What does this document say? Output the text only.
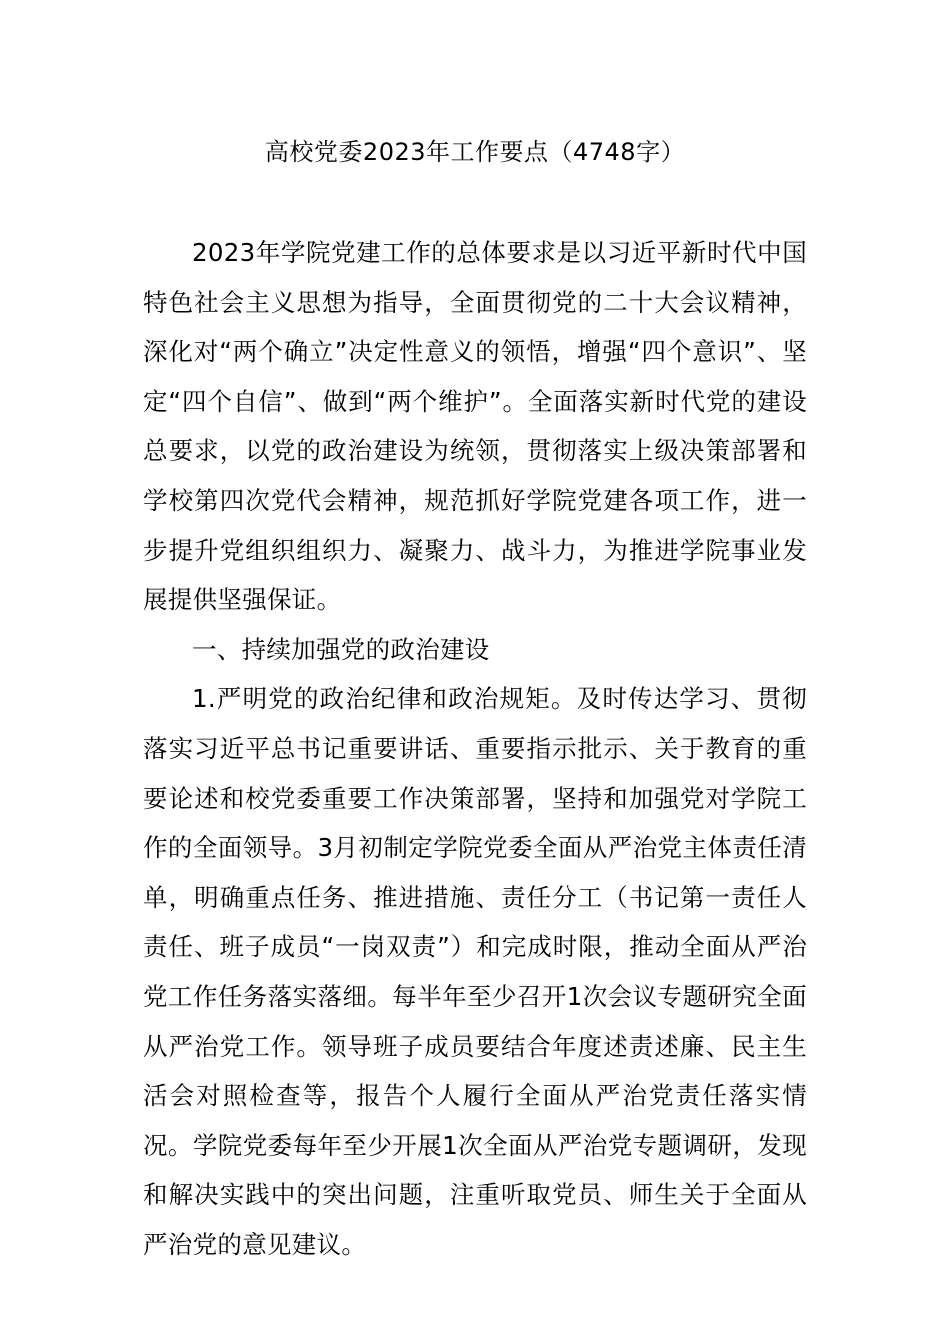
高校党委2023年工作要点（4748字）

2023年学院党建工作的总体要求是以习近平新时代中国特色社会主义思想为指导，全面贯彻党的二十大会议精神，深化对“两个确立”决定性意义的领悟，增强“四个意识”、坚定“四个自信”、做到“两个维护”。全面落实新时代党的建设总要求，以党的政治建设为统领，贯彻落实上级决策部署和学校第四次党代会精神，规范抓好学院党建各项工作，进一步提升党组织组织力、凝聚力、战斗力，为推进学院事业发展提供坚强保证。

一、持续加强党的政治建设

1.严明党的政治纪律和政治规矩。及时传达学习、贯彻落实习近平总书记重要讲话、重要指示批示、关于教育的重要论述和校党委重要工作决策部署，坚持和加强党对学院工作的全面领导。3月初制定学院党委全面从严治党主体责任清单，明确重点任务、推进措施、责任分工（书记第一责任人责任、班子成员“一岗双责”）和完成时限，推动全面从严治党工作任务落实落细。每半年至少召开1次会议专题研究全面从严治党工作。领导班子成员要结合年度述责述廉、民主生活会对照检查等，报告个人履行全面从严治党责任落实情况。学院党委每年至少开展1次全面从严治党专题调研，发现和解决实践中的突出问题，注重听取党员、师生关于全面从严治党的意见建议。
